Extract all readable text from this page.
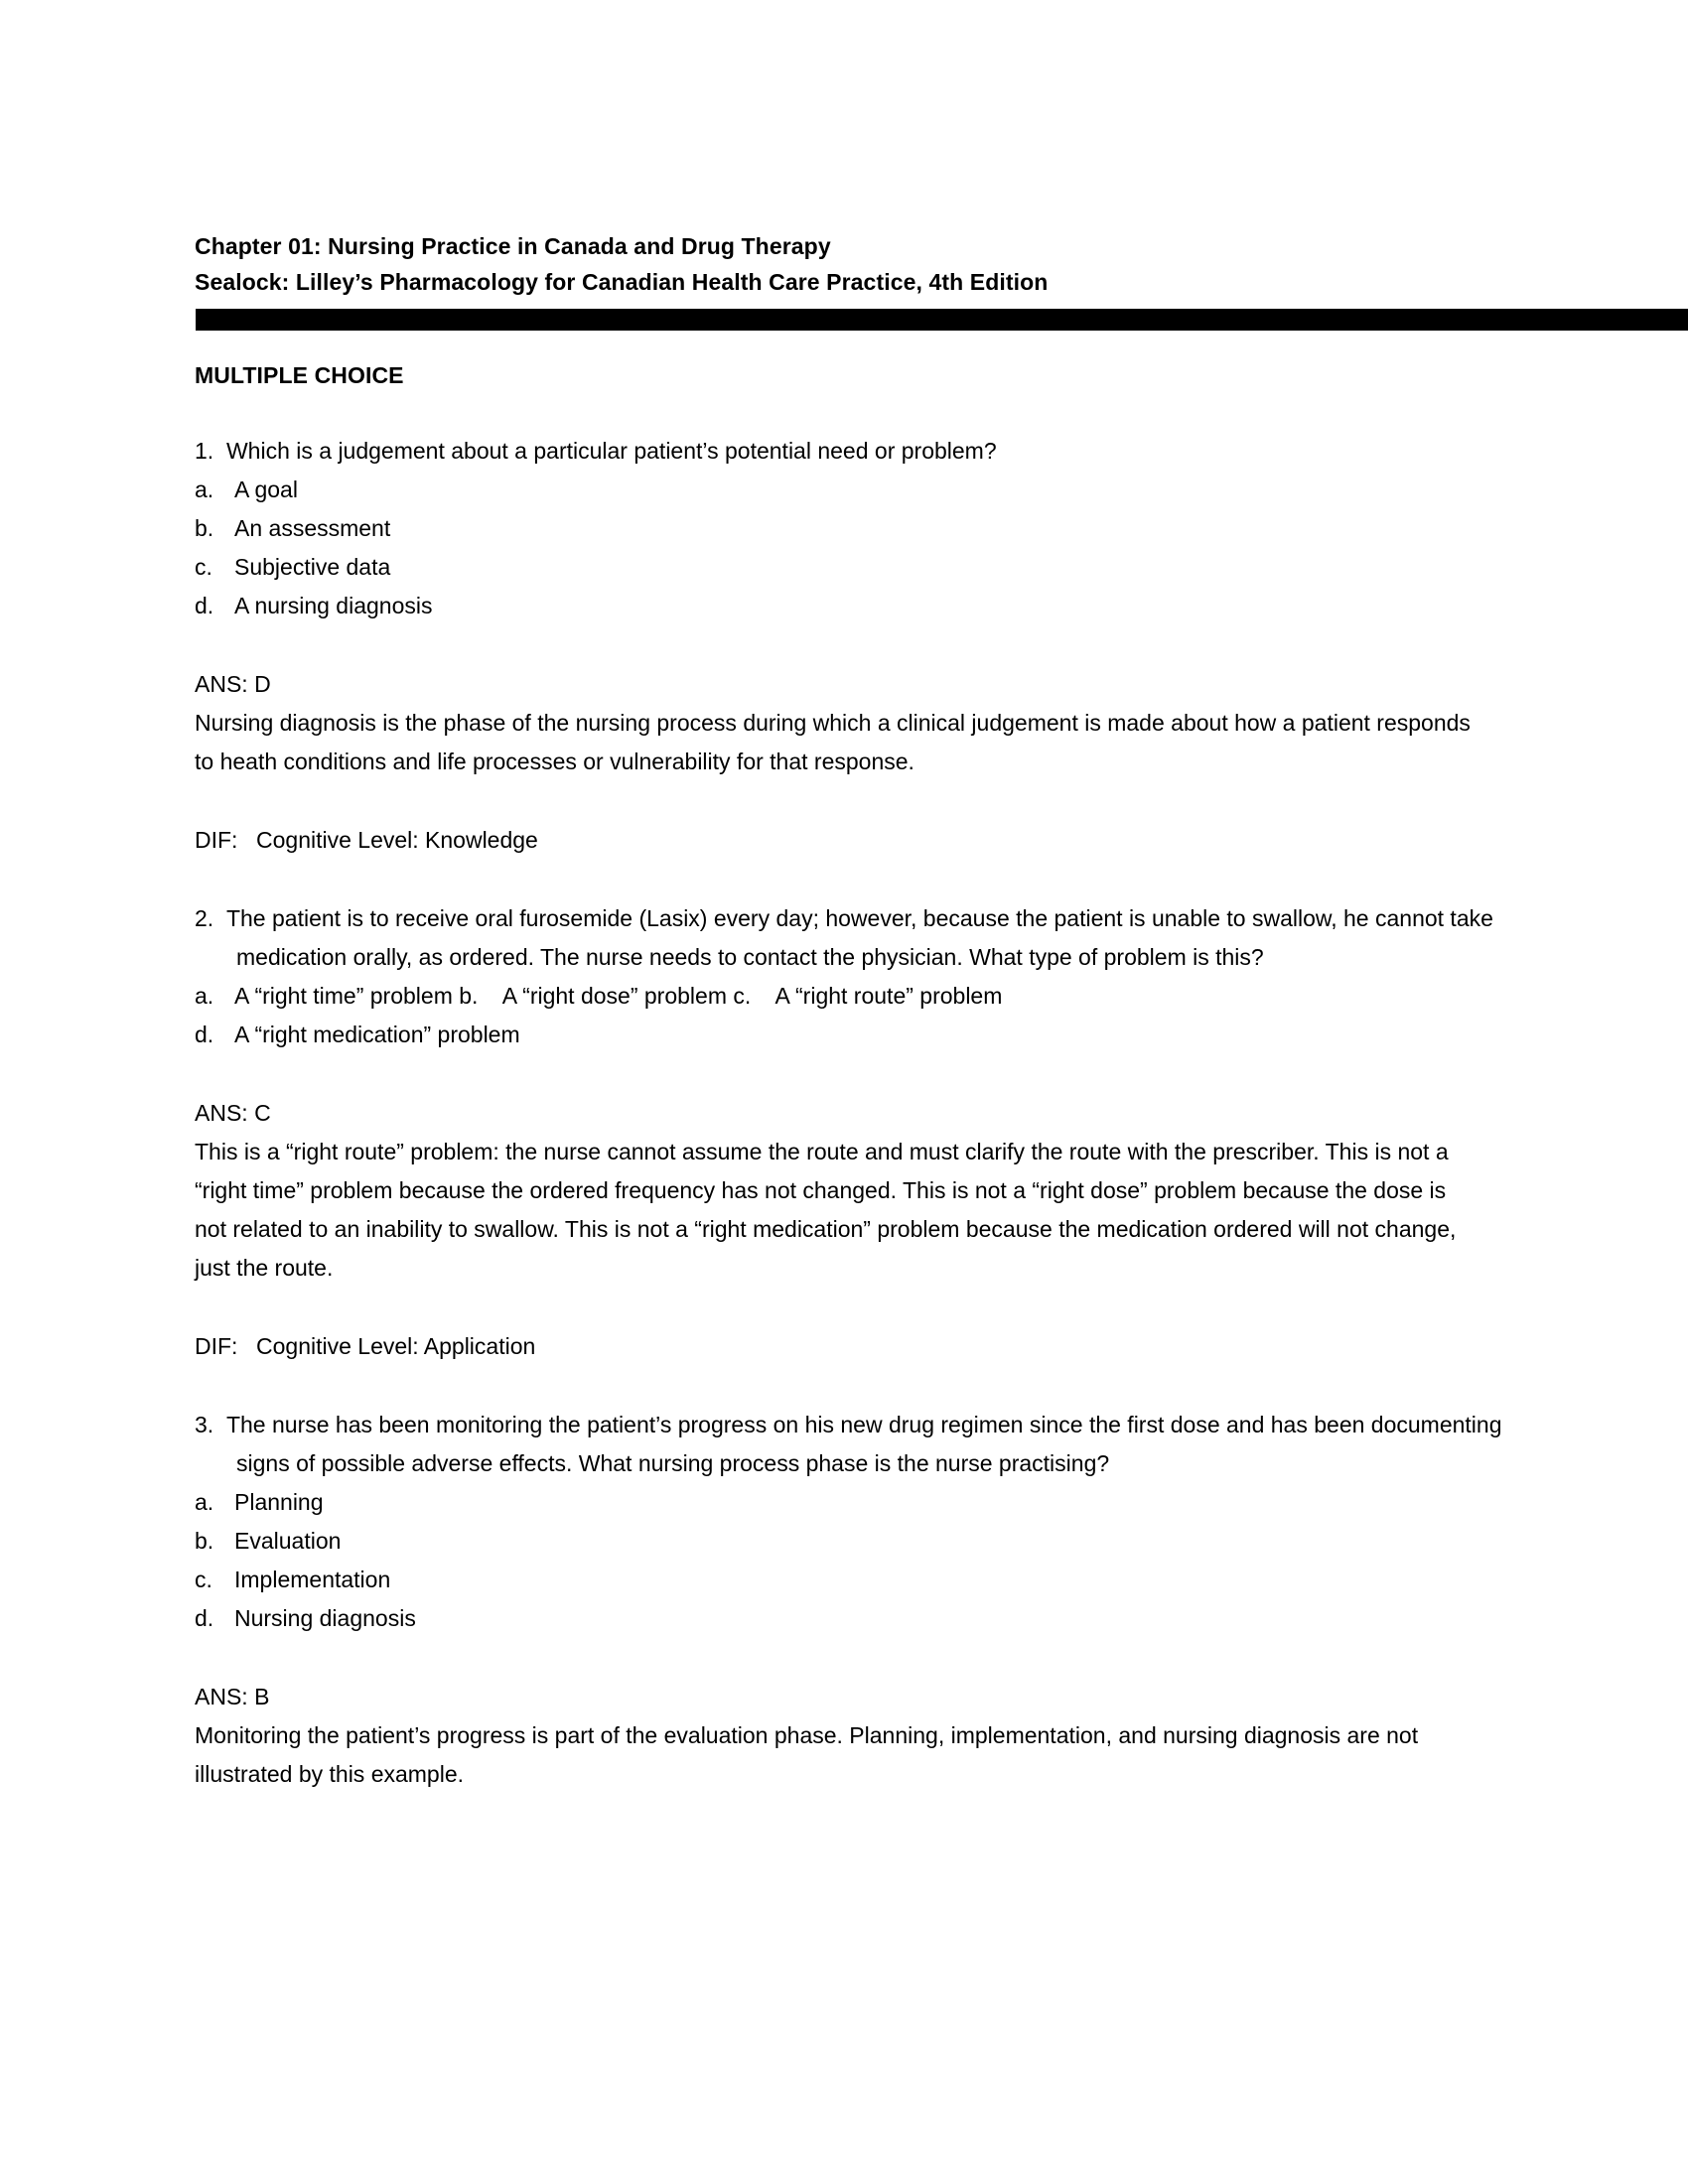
Chapter 01: Nursing Practice in Canada and Drug Therapy
Sealock: Lilley’s Pharmacology for Canadian Health Care Practice, 4th Edition
MULTIPLE CHOICE
1. Which is a judgement about a particular patient’s potential need or problem?
a. A goal
b. An assessment
c. Subjective data
d. A nursing diagnosis
ANS: D
Nursing diagnosis is the phase of the nursing process during which a clinical judgement is made about how a patient responds to heath conditions and life processes or vulnerability for that response.
DIF: Cognitive Level: Knowledge
2. The patient is to receive oral furosemide (Lasix) every day; however, because the patient is unable to swallow, he cannot take medication orally, as ordered. The nurse needs to contact the physician. What type of problem is this?
a. A “right time” problem b.    A “right dose” problem c.    A “right route” problem
d. A “right medication” problem
ANS: C
This is a “right route” problem: the nurse cannot assume the route and must clarify the route with the prescriber. This is not a “right time” problem because the ordered frequency has not changed. This is not a “right dose” problem because the dose is not related to an inability to swallow. This is not a “right medication” problem because the medication ordered will not change, just the route.
DIF: Cognitive Level: Application
3. The nurse has been monitoring the patient’s progress on his new drug regimen since the first dose and has been documenting signs of possible adverse effects. What nursing process phase is the nurse practising?
a. Planning
b. Evaluation
c. Implementation
d. Nursing diagnosis
ANS: B
Monitoring the patient’s progress is part of the evaluation phase. Planning, implementation, and nursing diagnosis are not
illustrated by this example.
